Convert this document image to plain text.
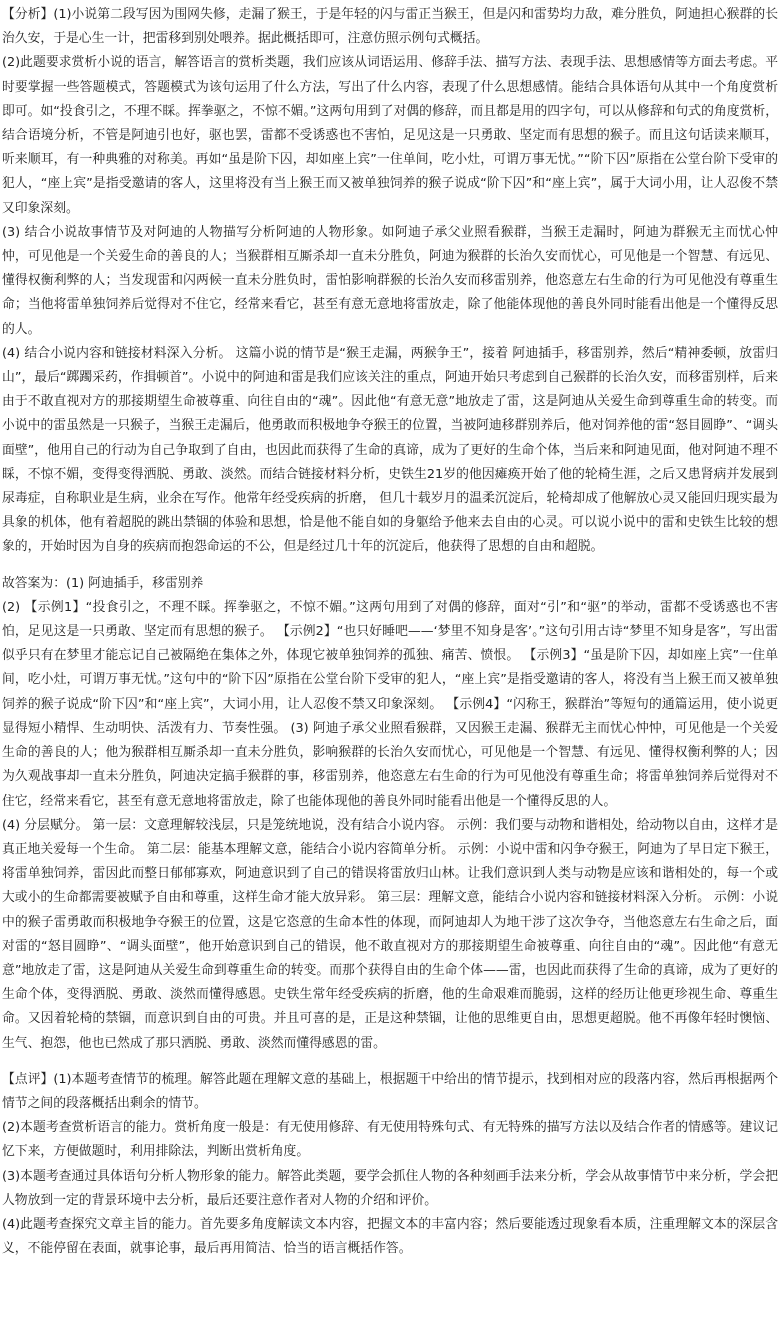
【分析】(1)小说第二段写因为围网失修，走漏了猴王，于是年轻的闪与雷正当猴王，但是闪和雷势均力敌，难分胜负，阿迪担心猴群的长治久安，于是心生一计，把雷移到别处喂养。据此概括即可，注意仿照示例句式概括。

(2)此题要求赏析小说的语言，解答语言的赏析类题，我们应该从词语运用、修辞手法、描写方法、表现手法、思想感情等方面去考虑。平时要掌握一些答题模式，答题模式为该句运用了什么方法，写出了什么内容，表现了什么思想感情。能结合具体语句从其中一个角度赏析即可。如“投食引之，不理不睬。挥拳驱之，不惊不媚。”这两句用到了对偶的修辞，而且都是用的四字句，可以从修辞和句式的角度赏析，结合语境分析，不管是阿迪引也好，驱也罢，雷都不受诱惑也不害怕，足见这是一只勇敢、坚定而有思想的猴子。而且这句话读来顺耳，听来顺耳，有一种典雅的对称美。再如“虽是阶下囚，却如座上宾”一住单间，吃小灶，可谓万事无忧。”“阶下囚”原指在公堂台阶下受审的犯人，“座上宾”是指受邀请的客人，这里将没有当上猴王而又被单独饲养的猴子说成“阶下囚”和“座上宾”，属于大词小用，让人忍俊不禁又印象深刻。

(3) 结合小说故事情节及对阿迪的人物描写分析阿迪的人物形象。如阿迪子承父业照看猴群，当猴王走漏时，阿迪为群猴无主而忧心忡忡，可见他是一个关爱生命的善良的人；当猴群相互厮杀却一直未分胜负，阿迪为猴群的长治久安而忧心，可见他是一个智慧、有远见、懂得权衡利弊的人；当发现雷和闪两候一直未分胜负时，雷怕影响群猴的长治久安而移雷别养，他恣意左右生命的行为可见他没有尊重生命；当他将雷单独饲养后觉得对不住它，经常来看它，甚至有意无意地将雷放走，除了他能体现他的善良外同时能看出他是一个懂得反思的人。

(4) 结合小说内容和链接材料深入分析。 这篇小说的情节是“猴王走漏，两猴争王”，接着 阿迪插手，移雷别养，然后“精神委顿，放雷归山”，最后“踯躅采药，作揖顿首”。小说中的阿迪和雷是我们应该关注的重点，阿迪开始只考虑到自己猴群的长治久安，而移雷别样，后来由于不敢直视对方的那接期望生命被尊重、向往自由的“魂”。因此他“有意无意”地放走了雷，这是阿迪从关爱生命到尊重生命的转变。而小说中的雷虽然是一只猴子，当猴王走漏后，他勇敢而积极地争夺猴王的位置，当被阿迪移群别养后，他对饲养他的雷“怒目圆睁”、“调头面壁”，他用自己的行动为自己争取到了自由，也因此而获得了生命的真谛，成为了更好的生命个体，当后来和阿迪见面，他对阿迪不理不睬，不惊不媚，变得变得洒脱、勇敢、淡然。而结合链接材料分析，史铁生21岁的他因瘫痪开始了他的轮椅生涯，之后又患肾病并发展到尿毒症，自称职业是生病，业余在写作。他常年经受疾病的折磨， 但几十载岁月的温柔沉淀后，轮椅却成了他解放心灵又能回归现实最为具象的机体，他有着超脱的跳出禁锢的体验和思想，恰是他不能自如的身躯给予他来去自由的心灵。可以说小说中的雷和史铁生比较的想象的，开始时因为自身的疾病而抱怨命运的不公，但是经过几十年的沉淀后，他获得了思想的自由和超脱。

故答案为：(1) 阿迪插手，移雷别养

(2) 【示例1】“投食引之，不理不睬。挥拳驱之，不惊不媚。”这两句用到了对偶的修辞，面对“引”和“驱”的举动，雷都不受诱惑也不害怕，足见这是一只勇敢、坚定而有思想的猴子。 【示例2】“也只好睡吧——‘梦里不知身是客’。”这句引用古诗“梦里不知身是客”，写出雷似乎只有在梦里才能忘记自己被隔绝在集体之外，体现它被单独饲养的孤独、痛苦、愤恨。 【示例3】“虽是阶下囚，却如座上宾”一住单间，吃小灶，可谓万事无忧。”这句中的“阶下囚”原指在公堂台阶下受审的犯人，“座上宾”是指受邀请的客人，将没有当上猴王而又被单独饲养的猴子说成“阶下囚”和“座上宾”，大词小用，让人忍俊不禁又印象深刻。 【示例4】“闪称王，猴群治”等短句的通篇运用，使小说更显得短小精悍、生动明快、活泼有力、节奏性强。 (3) 阿迪子承父业照看猴群，又因猴王走漏、猴群无主而忧心忡忡，可见他是一个关爱生命的善良的人；他为猴群相互厮杀却一直未分胜负，影响猴群的长治久安而忧心，可见他是一个智慧、有远见、懂得权衡利弊的人；因为久观战事却一直未分胜负，阿迪决定搞手猴群的事，移雷别养，他恣意左右生命的行为可见他没有尊重生命；将雷单独饲养后觉得对不住它，经常来看它，甚至有意无意地将雷放走，除了也能体现他的善良外同时能看出他是一个懂得反思的人。

(4) 分层赋分。 第一层：文意理解较浅层，只是笼统地说，没有结合小说内容。 示例：我们要与动物和谐相处，给动物以自由，这样才是真正地关爱每一个生命。 第二层：能基本理解文意，能结合小说内容简单分析。 示例：小说中雷和闪争夺猴王，阿迪为了早日定下猴王，将雷单独饲养，雷因此而整日郁郁寡欢，阿迪意识到了自己的错误将雷放归山林。让我们意识到人类与动物是应该和谐相处的，每一个或大或小的生命都需要被赋予自由和尊重，这样生命才能大放异彩。 第三层：理解文意，能结合小说内容和链接材料深入分析。 示例：小说中的猴子雷勇敢而积极地争夺猴王的位置，这是它恣意的生命本性的体现，而阿迪却人为地干涉了这次争夺，当他恣意左右生命之后，面对雷的“怒目圆睁”、“调头面壁”，他开始意识到自己的错误，他不敢直视对方的那接期望生命被尊重、向往自由的“魂”。因此他“有意无意”地放走了雷，这是阿迪从关爱生命到尊重生命的转变。而那个获得自由的生命个体——雷，也因此而获得了生命的真谛，成为了更好的生命个体，变得洒脱、勇敢、淡然而懂得感恩。史铁生常年经受疾病的折磨，他的生命艰难而脆弱，这样的经历让他更珍视生命、尊重生命。又因着轮椅的禁锢，而意识到自由的可贵。并且可喜的是，正是这种禁锢，让他的思维更自由，思想更超脱。他不再像年轻时懊恼、生气、抱怨，他也已然成了那只洒脱、勇敢、淡然而懂得感恩的雷。

【点评】(1)本题考查情节的梳理。解答此题在理解文意的基础上，根据题干中给出的情节提示，找到相对应的段落内容，然后再根据两个情节之间的段落概括出剩余的情节。

(2)本题考查赏析语言的能力。赏析角度一般是：有无使用修辞、有无使用特殊句式、有无特殊的描写方法以及结合作者的情感等。建议记忆下来，方便做题时，利用排除法，判断出赏析角度。

(3)本题考查通过具体语句分析人物形象的能力。解答此类题，要学会抓住人物的各种刻画手法来分析，学会从故事情节中来分析，学会把人物放到一定的背景环境中去分析，最后还要注意作者对人物的介绍和评价。

(4)此题考查探究文章主旨的能力。首先要多角度解读文本内容，把握文本的丰富内容；然后要能透过现象看本质，注重理解文本的深层含义，不能停留在表面，就事论事，最后再用简洁、恰当的语言概括作答。
